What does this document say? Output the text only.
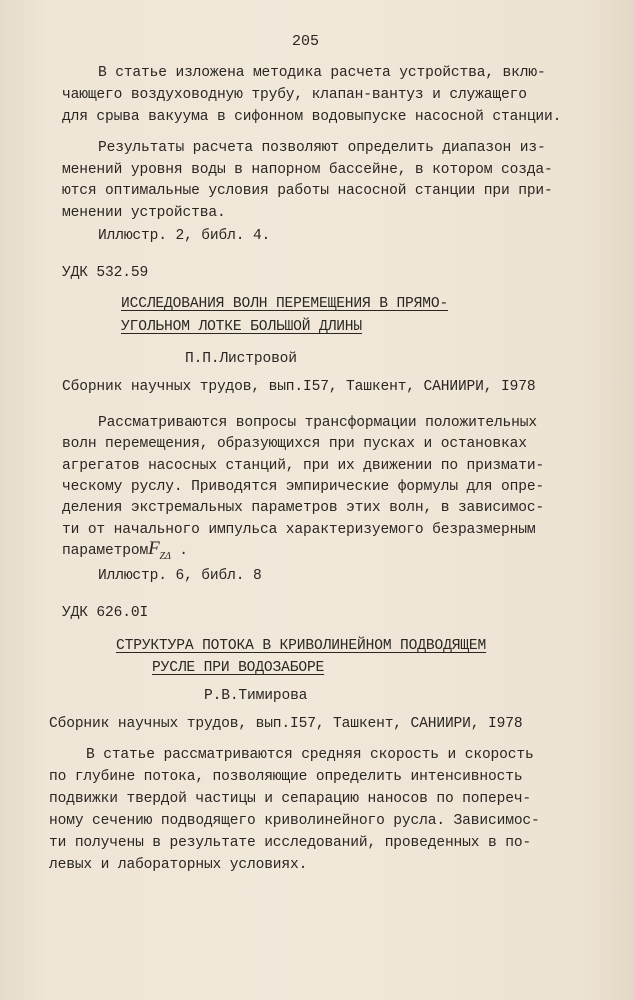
205
В статье изложена методика расчета устройства, вклю-
чающего воздуховодную трубу, клапан-вантуз и служащего
для срыва вакуума в сифонном водовыпуске насосной станции.
Результаты расчета позволяют определить диапазон из-
менений уровня воды в напорном бассейне, в котором созда-
ются оптимальные условия работы насосной станции при при-
менении устройства.
Иллюстр. 2, библ. 4.
УДК 532.59
ИССЛЕДОВАНИЯ ВОЛН ПЕРЕМЕЩЕНИЯ В ПРЯМО-
УГОЛЬНОМ ЛОТКЕ БОЛЬШОЙ ДЛИНЫ
П.П.Листровой
Сборник научных трудов, вып.I57, Ташкент, САНИИРИ, I978
Рассматриваются вопросы трансформации положительных
волн перемещения, образующихся при пусках и остановках
агрегатов насосных станций, при их движении по призмати-
ческому руслу. Приводятся эмпирические формулы для опре-
деления экстремальных параметров этих волн, в зависимос-
ти от начального импульса характеризуемого безразмерным
параметромF$_{Z\Delta}$ .
Иллюстр. 6, библ. 8
УДК 626.0I
СТРУКТУРА ПОТОКА В КРИВОЛИНЕЙНОМ ПОДВОДЯЩЕМ
РУСЛЕ ПРИ ВОДОЗАБОРЕ
Р.В.Тимирова
Сборник научных трудов, вып.I57, Ташкент, САНИИРИ, I978
В статье рассматриваются средняя скорость и скорость
по глубине потока, позволяющие определить интенсивность
подвижки твердой частицы и сепарацию наносов по попереч-
ному сечению подводящего криволинейного русла. Зависимос-
ти получены в результате исследований, проведенных в по-
левых и лабораторных условиях.
